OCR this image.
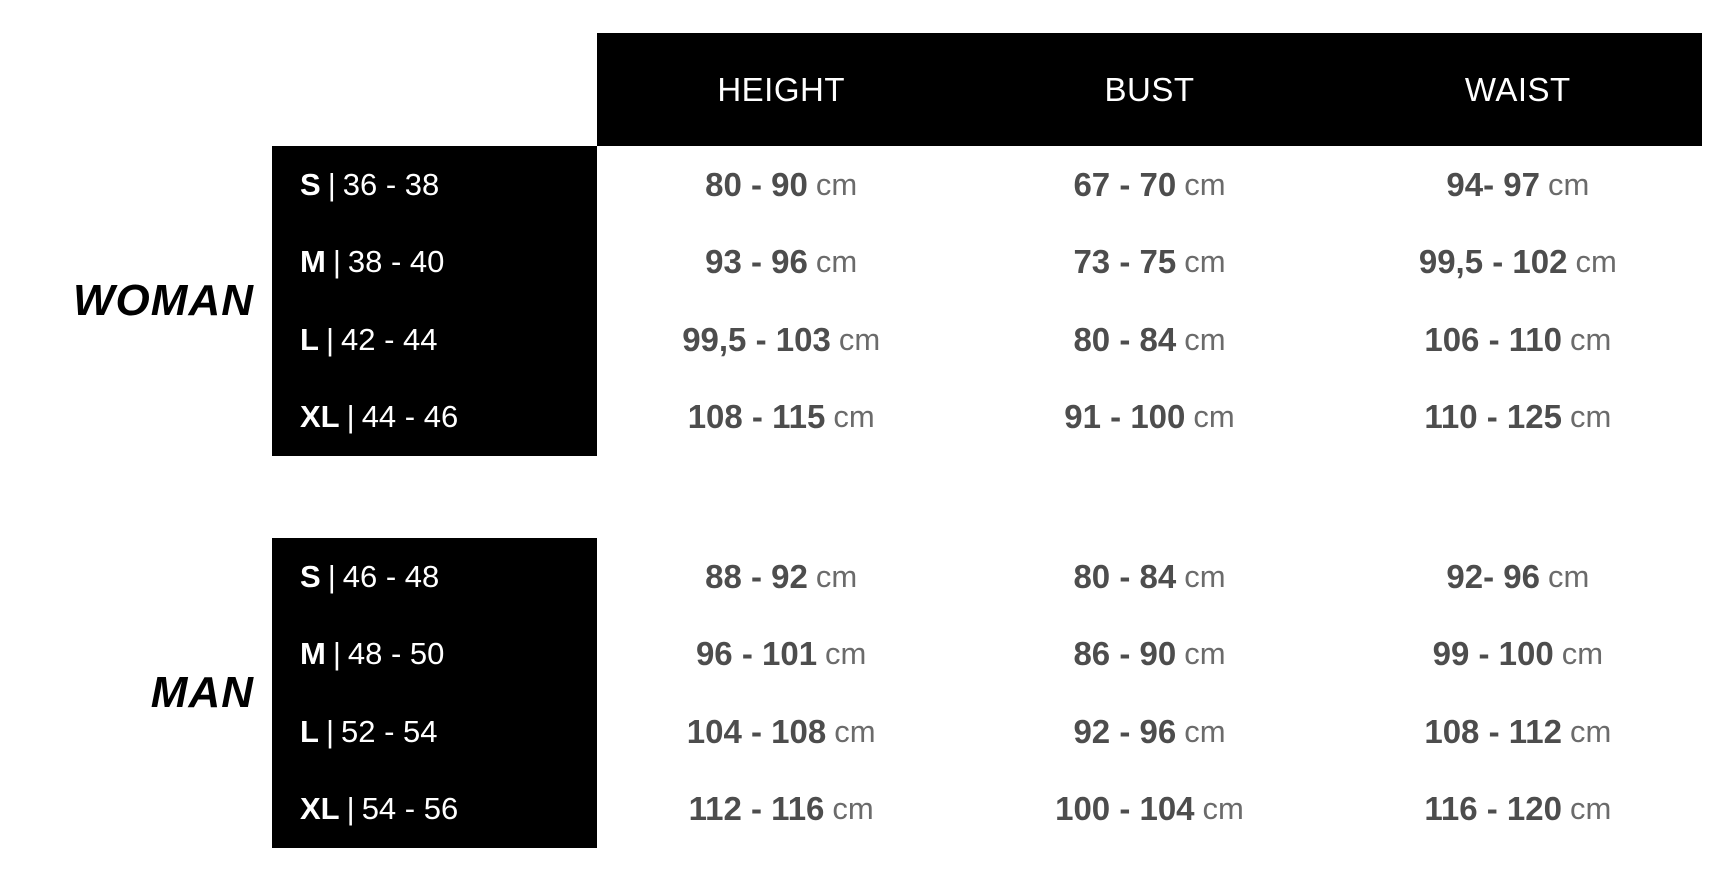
HEIGHT	BUST	WAIST
WOMAN
S | 36 - 38
M | 38 - 40
L | 42 - 44
XL | 44 - 46
80 - 90 cm
93 - 96 cm
99,5 - 103 cm
108 - 115 cm
67 - 70 cm
73 - 75 cm
80 - 84 cm
91 - 100 cm
94- 97 cm
99,5 - 102 cm
106 - 110 cm
110 - 125 cm
MAN
S | 46 - 48
M | 48 - 50
L | 52 - 54
XL | 54 - 56
88 - 92 cm
96 - 101 cm
104 - 108 cm
112 - 116 cm
80 - 84 cm
86 - 90 cm
92 - 96 cm
100 - 104 cm
92- 96 cm
99 - 100 cm
108 - 112 cm
116 - 120 cm
